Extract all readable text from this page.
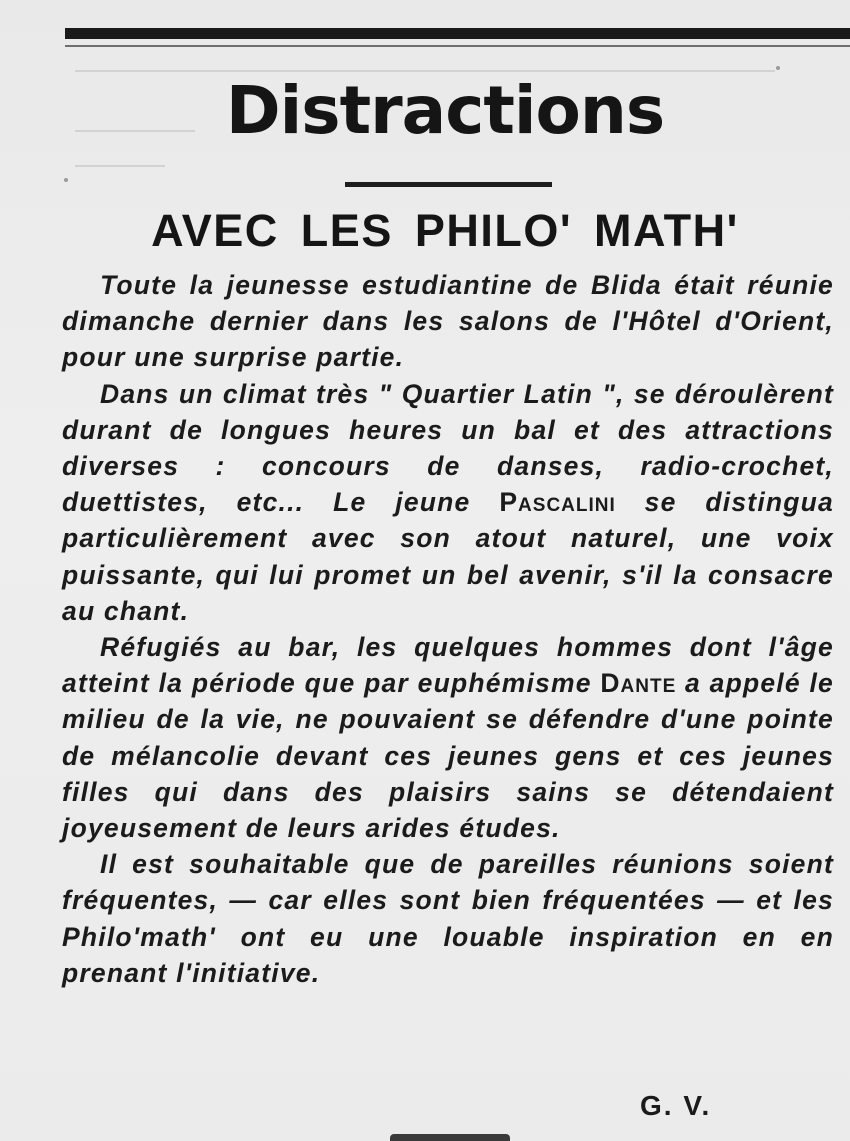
Distractions
AVEC LES PHILO' MATH'

Toute la jeunesse estudiantine de Blida était réunie dimanche dernier dans les salons de l'Hôtel d'Orient, pour une surprise partie.

Dans un climat très " Quartier Latin ", se déroulèrent durant de longues heures un bal et des attractions diverses : concours de danses, radio-crochet, duettistes, etc... Le jeune Pascalini se distingua particulièrement avec son atout naturel, une voix puissante, qui lui promet un bel avenir, s'il la consacre au chant.

Réfugiés au bar, les quelques hommes dont l'âge atteint la période que par euphémisme Dante a appelé le milieu de la vie, ne pouvaient se défendre d'une pointe de mélancolie devant ces jeunes gens et ces jeunes filles qui dans des plaisirs sains se détendaient joyeusement de leurs arides études.

Il est souhaitable que de pareilles réunions soient fréquentes, — car elles sont bien fréquentées — et les Philo'math' ont eu une louable inspiration en en prenant l'initiative.

G. V.
